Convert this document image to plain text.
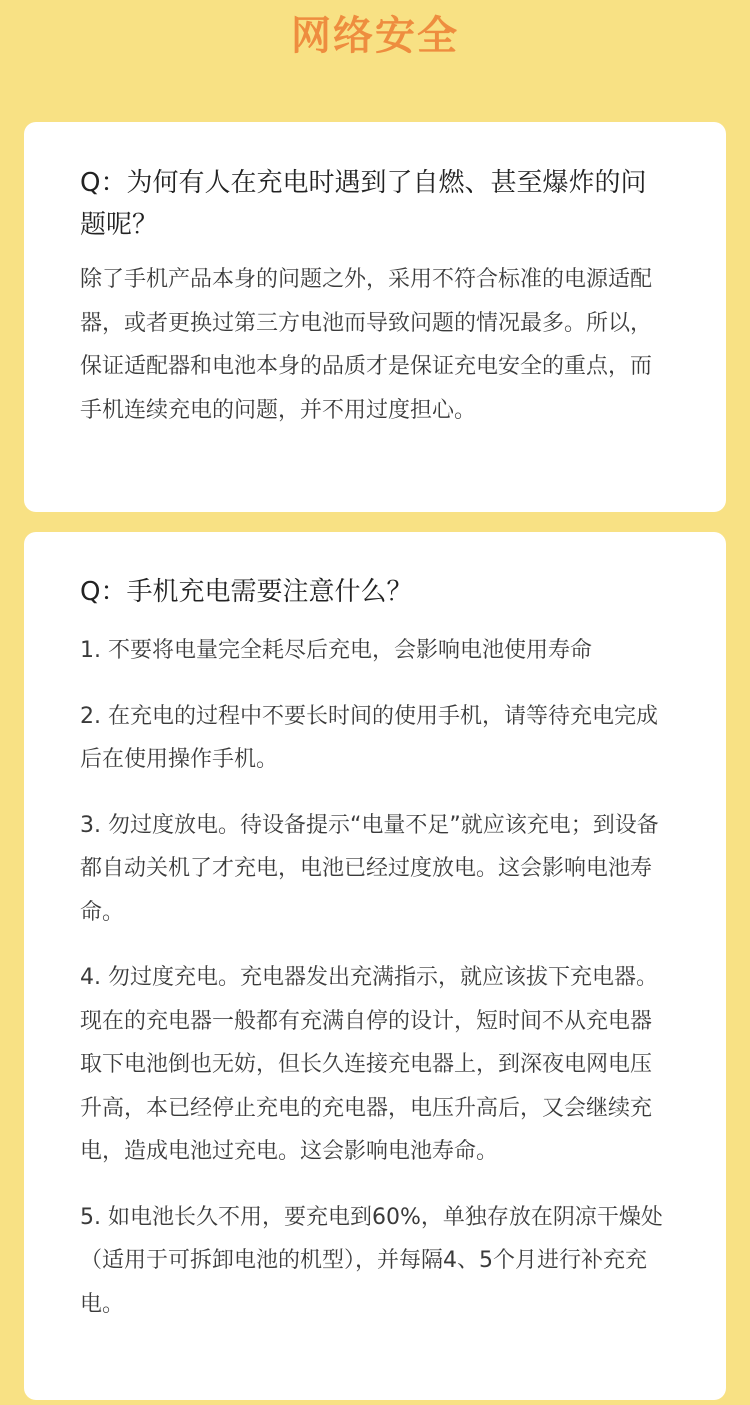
网络安全

Q：为何有人在充电时遇到了自燃、甚至爆炸的问题呢？

除了手机产品本身的问题之外，采用不符合标准的电源适配器，或者更换过第三方电池而导致问题的情况最多。所以，保证适配器和电池本身的品质才是保证充电安全的重点，而手机连续充电的问题，并不用过度担心。

Q：手机充电需要注意什么？

1. 不要将电量完全耗尽后充电，会影响电池使用寿命

2. 在充电的过程中不要长时间的使用手机，请等待充电完成后在使用操作手机。

3. 勿过度放电。待设备提示“电量不足”就应该充电；到设备都自动关机了才充电，电池已经过度放电。这会影响电池寿命。

4. 勿过度充电。充电器发出充满指示，就应该拔下充电器。现在的充电器一般都有充满自停的设计，短时间不从充电器取下电池倒也无妨，但长久连接充电器上，到深夜电网电压升高，本已经停止充电的充电器，电压升高后，又会继续充电，造成电池过充电。这会影响电池寿命。

5. 如电池长久不用，要充电到60%，单独存放在阴凉干燥处（适用于可拆卸电池的机型），并每隔4、5个月进行补充充电。
